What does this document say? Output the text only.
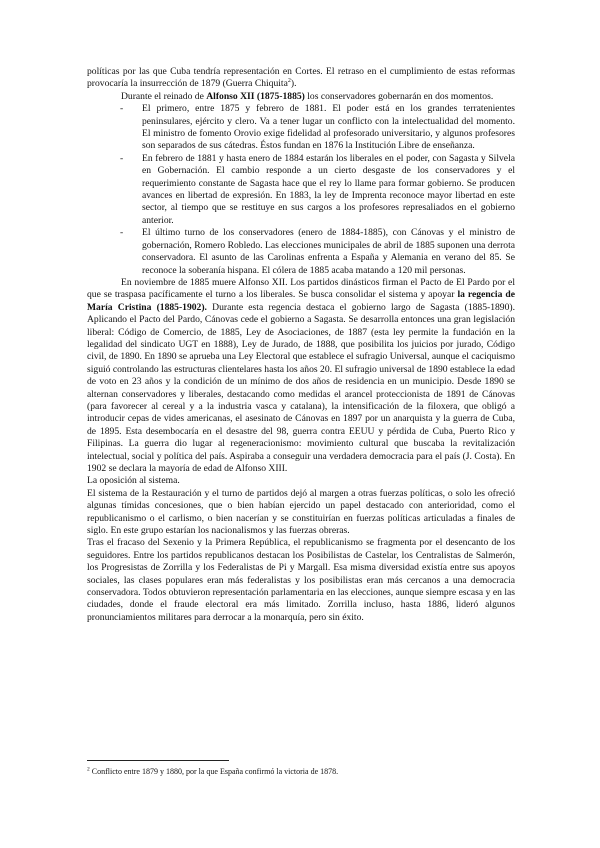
políticas por las que Cuba tendría representación en Cortes. El retraso en el cumplimiento de estas reformas provocaría la insurrección de 1879 (Guerra Chiquita$^2$).

Durante el reinado de Alfonso XII (1875-1885) los conservadores gobernarán en dos momentos.

- El primero, entre 1875 y febrero de 1881. El poder está en los grandes terratenientes peninsulares, ejército y clero. Va a tener lugar un conflicto con la intelectualidad del momento. El ministro de fomento Orovio exige fidelidad al profesorado universitario, y algunos profesores son separados de sus cátedras. Éstos fundan en 1876 la Institución Libre de enseñanza.
- En febrero de 1881 y hasta enero de 1884 estarán los liberales en el poder, con Sagasta y Silvela en Gobernación. El cambio responde a un cierto desgaste de los conservadores y el requerimiento constante de Sagasta hace que el rey lo llame para formar gobierno. Se producen avances en libertad de expresión. En 1883, la ley de Imprenta reconoce mayor libertad en este sector, al tiempo que se restituye en sus cargos a los profesores represaliados en el gobierno anterior.
- El último turno de los conservadores (enero de 1884-1885), con Cánovas y el ministro de gobernación, Romero Robledo. Las elecciones municipales de abril de 1885 suponen una derrota conservadora. El asunto de las Carolinas enfrenta a España y Alemania en verano del 85. Se reconoce la soberanía hispana. El cólera de 1885 acaba matando a 120 mil personas.

En noviembre de 1885 muere Alfonso XII. Los partidos dinásticos firman el Pacto de El Pardo por el que se traspasa pacíficamente el turno a los liberales. Se busca consolidar el sistema y apoyar la regencia de María Cristina (1885-1902). Durante esta regencia destaca el gobierno largo de Sagasta (1885-1890). Aplicando el Pacto del Pardo, Cánovas cede el gobierno a Sagasta. Se desarrolla entonces una gran legislación liberal: Código de Comercio, de 1885, Ley de Asociaciones, de 1887 (esta ley permite la fundación en la legalidad del sindicato UGT en 1888), Ley de Jurado, de 1888, que posibilita los juicios por jurado, Código civil, de 1890. En 1890 se aprueba una Ley Electoral que establece el sufragio Universal, aunque el caciquismo siguió controlando las estructuras clientelares hasta los años 20. El sufragio universal de 1890 establece la edad de voto en 23 años y la condición de un mínimo de dos años de residencia en un municipio. Desde 1890 se alternan conservadores y liberales, destacando como medidas el arancel proteccionista de 1891 de Cánovas (para favorecer al cereal y a la industria vasca y catalana), la intensificación de la filoxera, que obligó a introducir cepas de vides americanas, el asesinato de Cánovas en 1897 por un anarquista y la guerra de Cuba, de 1895. Esta desembocaría en el desastre del 98, guerra contra EEUU y pérdida de Cuba, Puerto Rico y Filipinas. La guerra dio lugar al regeneracionismo: movimiento cultural que buscaba la revitalización intelectual, social y política del país. Aspiraba a conseguir una verdadera democracia para el país (J. Costa). En 1902 se declara la mayoría de edad de Alfonso XIII.

La oposición al sistema.

El sistema de la Restauración y el turno de partidos dejó al margen a otras fuerzas políticas, o solo les ofreció algunas tímidas concesiones, que o bien habían ejercido un papel destacado con anterioridad, como el republicanismo o el carlismo, o bien nacerían y se constituirían en fuerzas políticas articuladas a finales de siglo. En este grupo estarían los nacionalismos y las fuerzas obreras.

Tras el fracaso del Sexenio y la Primera República, el republicanismo se fragmenta por el desencanto de los seguidores. Entre los partidos republicanos destacan los Posibilistas de Castelar, los Centralistas de Salmerón, los Progresistas de Zorrilla y los Federalistas de Pi y Margall. Esa misma diversidad existía entre sus apoyos sociales, las clases populares eran más federalistas y los posibilistas eran más cercanos a una democracia conservadora. Todos obtuvieron representación parlamentaria en las elecciones, aunque siempre escasa y en las ciudades, donde el fraude electoral era más limitado. Zorrilla incluso, hasta 1886, lideró algunos pronunciamientos militares para derrocar a la monarquía, pero sin éxito.

$^2$ Conflicto entre 1879 y 1880, por la que España confirmó la victoria de 1878.
